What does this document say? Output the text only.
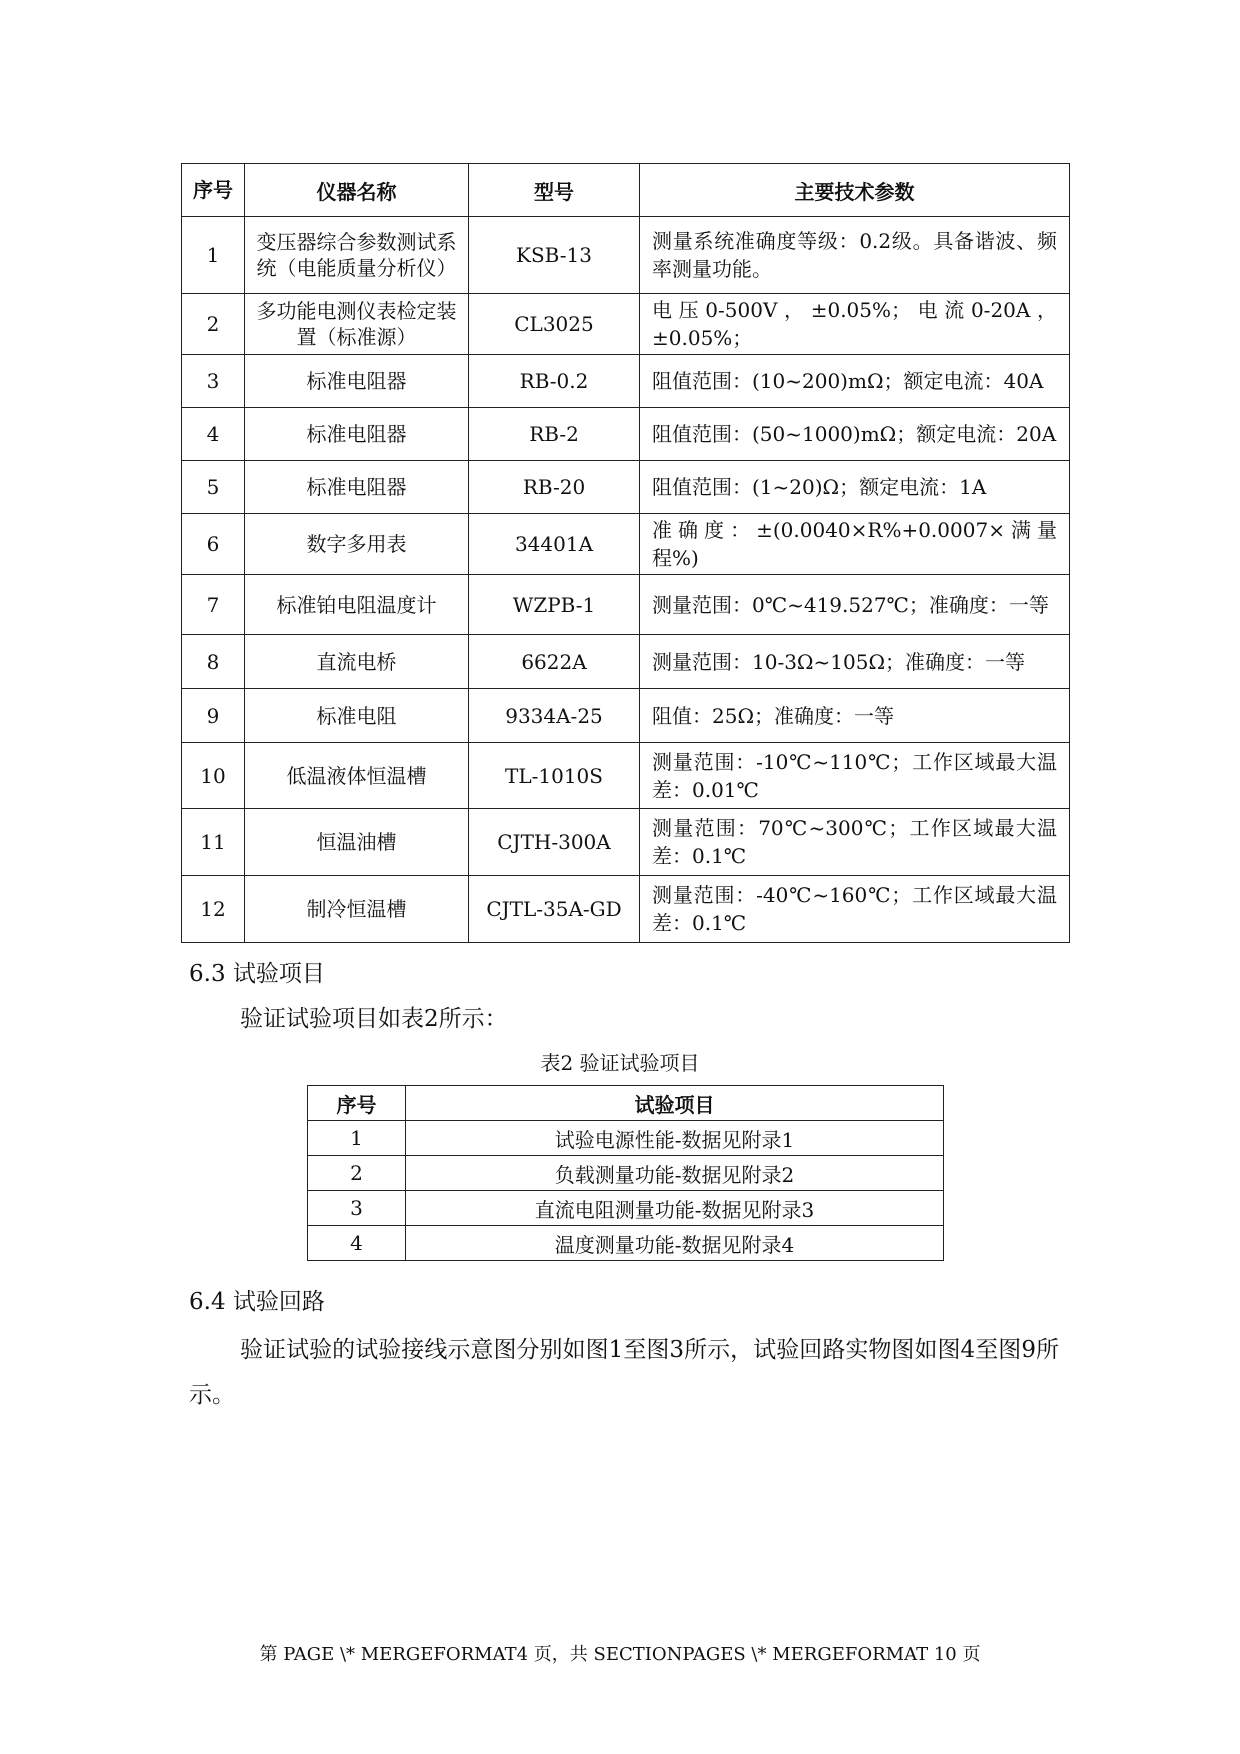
序号	仪器名称	型号	主要技术参数
1	变压器综合参数测试系统（电能质量分析仪）	KSB-13	测量系统准确度等级：0.2级。具备谐波、频率测量功能。
2	多功能电测仪表检定装置（标准源）	CL3025	电压0-500V，±0.05%；电流0-20A，±0.05%；
3	标准电阻器	RB-0.2	阻值范围：(10~200)mΩ；额定电流：40A
4	标准电阻器	RB-2	阻值范围：(50~1000)mΩ；额定电流：20A
5	标准电阻器	RB-20	阻值范围：(1~20)Ω；额定电流：1A
6	数字多用表	34401A	准确度：±(0.0040×R%+0.0007×满量程%)
7	标准铂电阻温度计	WZPB-1	测量范围：0℃~419.527℃；准确度：一等
8	直流电桥	6622A	测量范围：10-3Ω~105Ω；准确度：一等
9	标准电阻	9334A-25	阻值：25Ω；准确度：一等
10	低温液体恒温槽	TL-1010S	测量范围：-10℃~110℃；工作区域最大温差：0.01℃
11	恒温油槽	CJTH-300A	测量范围：70℃~300℃；工作区域最大温差：0.1℃
12	制冷恒温槽	CJTL-35A-GD	测量范围：-40℃~160℃；工作区域最大温差：0.1℃
6.3 试验项目
验证试验项目如表2所示：
表2 验证试验项目
序号	试验项目
1	试验电源性能-数据见附录1
2	负载测量功能-数据见附录2
3	直流电阻测量功能-数据见附录3
4	温度测量功能-数据见附录4
6.4 试验回路
验证试验的试验接线示意图分别如图1至图3所示，试验回路实物图如图4至图9所示。
第 PAGE \* MERGEFORMAT4 页，共 SECTIONPAGES \* MERGEFORMAT 10 页
